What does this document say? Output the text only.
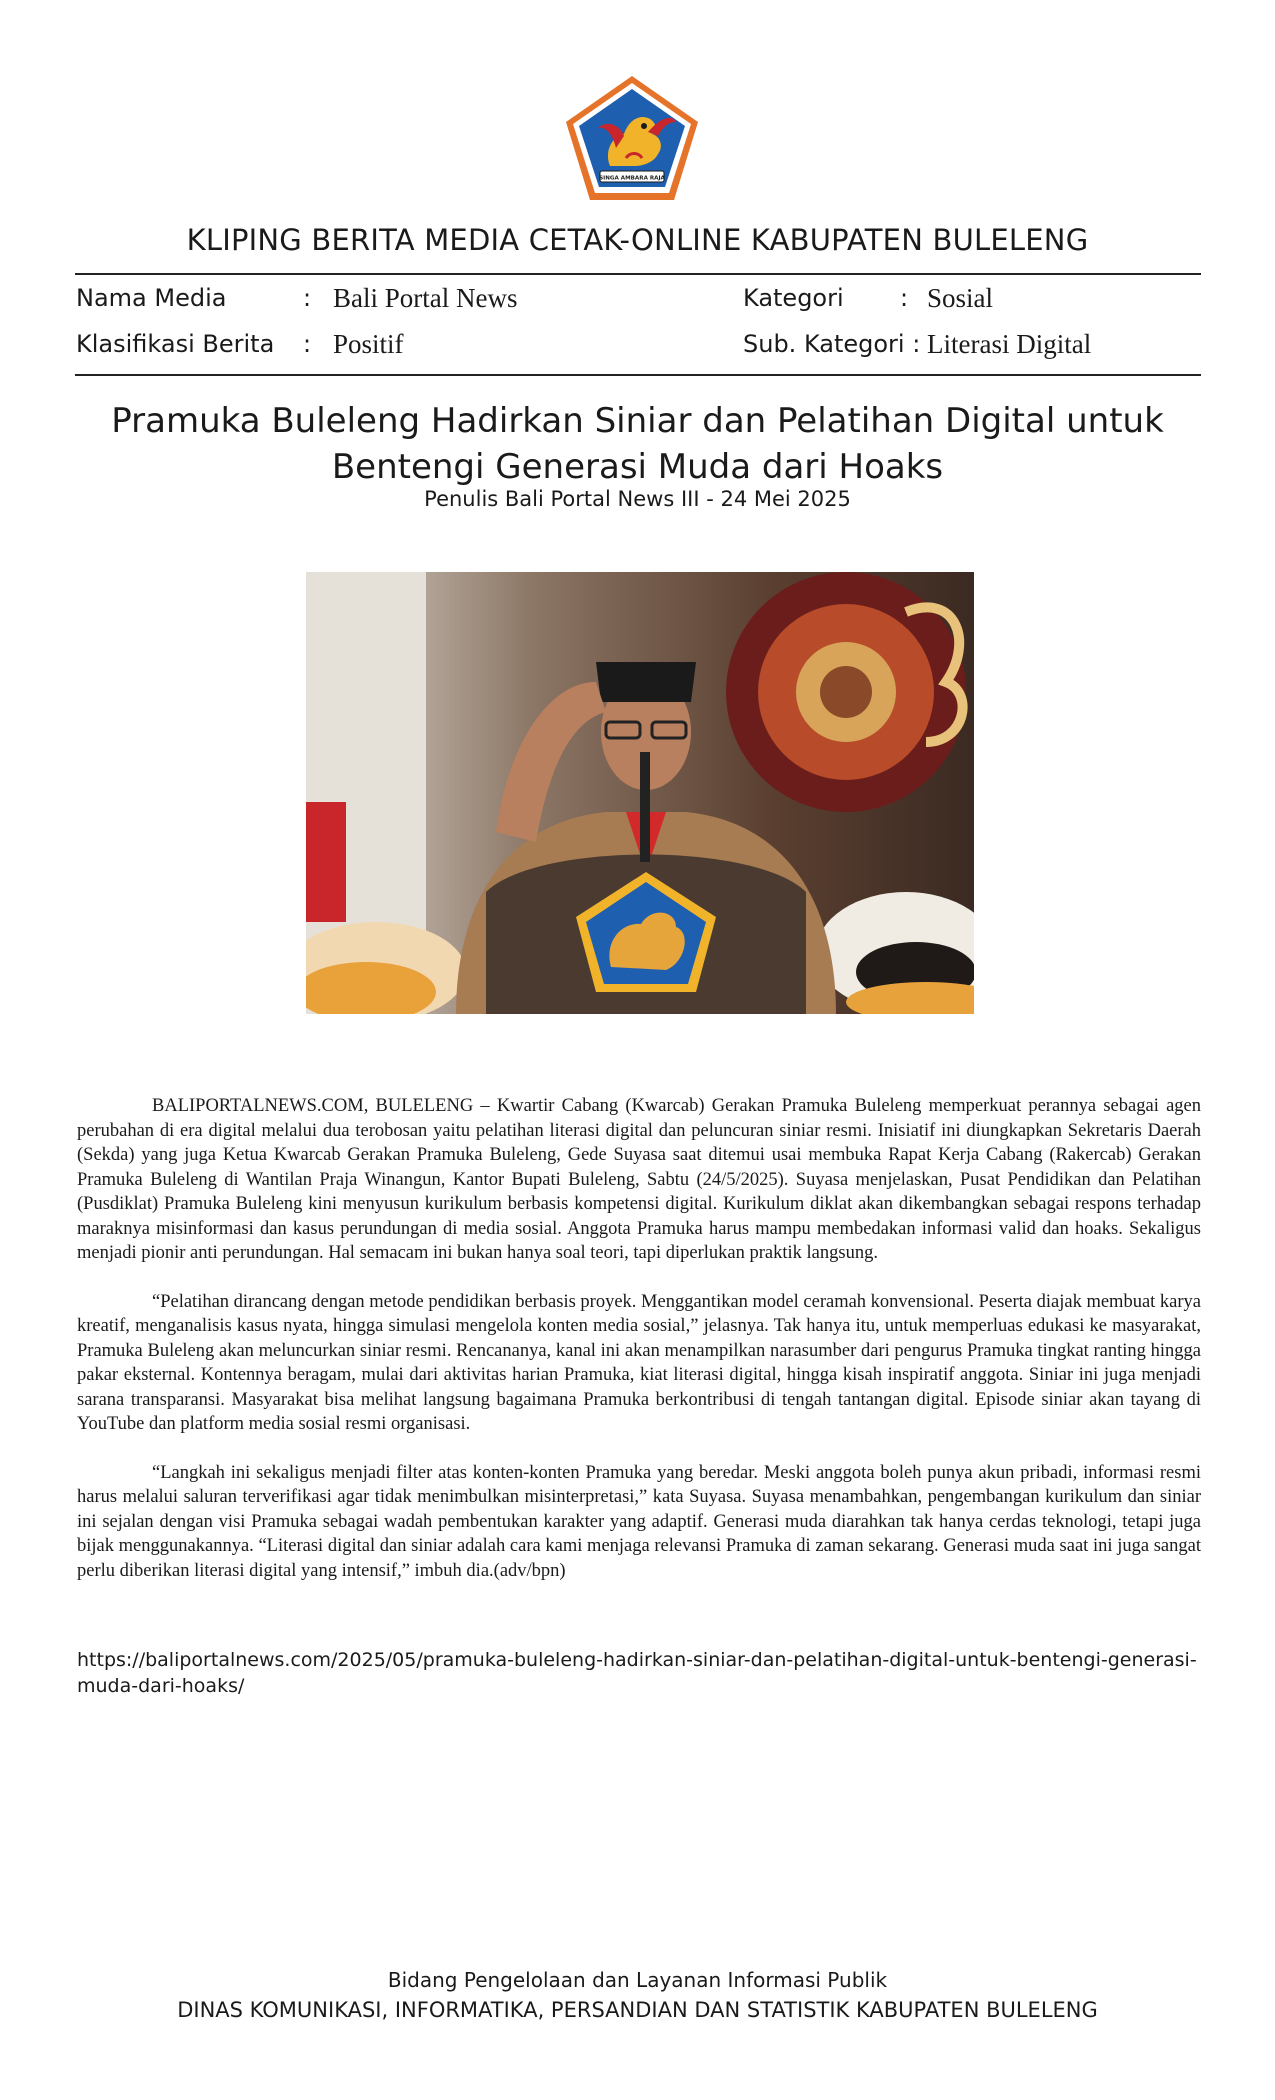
SINGA AMBARA RAJA
KLIPING BERITA MEDIA CETAK-ONLINE KABUPATEN BULELENG
Nama Media	: Bali Portal News	Kategori : Sosial
Klasifikasi Berita : Positif	Sub. Kategori : Literasi Digital
Pramuka Buleleng Hadirkan Siniar dan Pelatihan Digital untuk Bentengi Generasi Muda dari Hoaks
Penulis Bali Portal News III - 24 Mei 2025

BALIPORTALNEWS.COM, BULELENG – Kwartir Cabang (Kwarcab) Gerakan Pramuka Buleleng memperkuat perannya sebagai agen perubahan di era digital melalui dua terobosan yaitu pelatihan literasi digital dan peluncuran siniar resmi. Inisiatif ini diungkapkan Sekretaris Daerah (Sekda) yang juga Ketua Kwarcab Gerakan Pramuka Buleleng, Gede Suyasa saat ditemui usai membuka Rapat Kerja Cabang (Rakercab) Gerakan Pramuka Buleleng di Wantilan Praja Winangun, Kantor Bupati Buleleng, Sabtu (24/5/2025). Suyasa menjelaskan, Pusat Pendidikan dan Pelatihan (Pusdiklat) Pramuka Buleleng kini menyusun kurikulum berbasis kompetensi digital. Kurikulum diklat akan dikembangkan sebagai respons terhadap maraknya misinformasi dan kasus perundungan di media sosial. Anggota Pramuka harus mampu membedakan informasi valid dan hoaks. Sekaligus menjadi pionir anti perundungan. Hal semacam ini bukan hanya soal teori, tapi diperlukan praktik langsung.

“Pelatihan dirancang dengan metode pendidikan berbasis proyek. Menggantikan model ceramah konvensional. Peserta diajak membuat karya kreatif, menganalisis kasus nyata, hingga simulasi mengelola konten media sosial,” jelasnya. Tak hanya itu, untuk memperluas edukasi ke masyarakat, Pramuka Buleleng akan meluncurkan siniar resmi. Rencananya, kanal ini akan menampilkan narasumber dari pengurus Pramuka tingkat ranting hingga pakar eksternal. Kontennya beragam, mulai dari aktivitas harian Pramuka, kiat literasi digital, hingga kisah inspiratif anggota. Siniar ini juga menjadi sarana transparansi. Masyarakat bisa melihat langsung bagaimana Pramuka berkontribusi di tengah tantangan digital. Episode siniar akan tayang di YouTube dan platform media sosial resmi organisasi.

“Langkah ini sekaligus menjadi filter atas konten-konten Pramuka yang beredar. Meski anggota boleh punya akun pribadi, informasi resmi harus melalui saluran terverifikasi agar tidak menimbulkan misinterpretasi,” kata Suyasa. Suyasa menambahkan, pengembangan kurikulum dan siniar ini sejalan dengan visi Pramuka sebagai wadah pembentukan karakter yang adaptif. Generasi muda diarahkan tak hanya cerdas teknologi, tetapi juga bijak menggunakannya. “Literasi digital dan siniar adalah cara kami menjaga relevansi Pramuka di zaman sekarang. Generasi muda saat ini juga sangat perlu diberikan literasi digital yang intensif,” imbuh dia.(adv/bpn)

https://baliportalnews.com/2025/05/pramuka-buleleng-hadirkan-siniar-dan-pelatihan-digital-untuk-bentengi-generasi-muda-dari-hoaks/
Bidang Pengelolaan dan Layanan Informasi Publik
DINAS KOMUNIKASI, INFORMATIKA, PERSANDIAN DAN STATISTIK KABUPATEN BULELENG
